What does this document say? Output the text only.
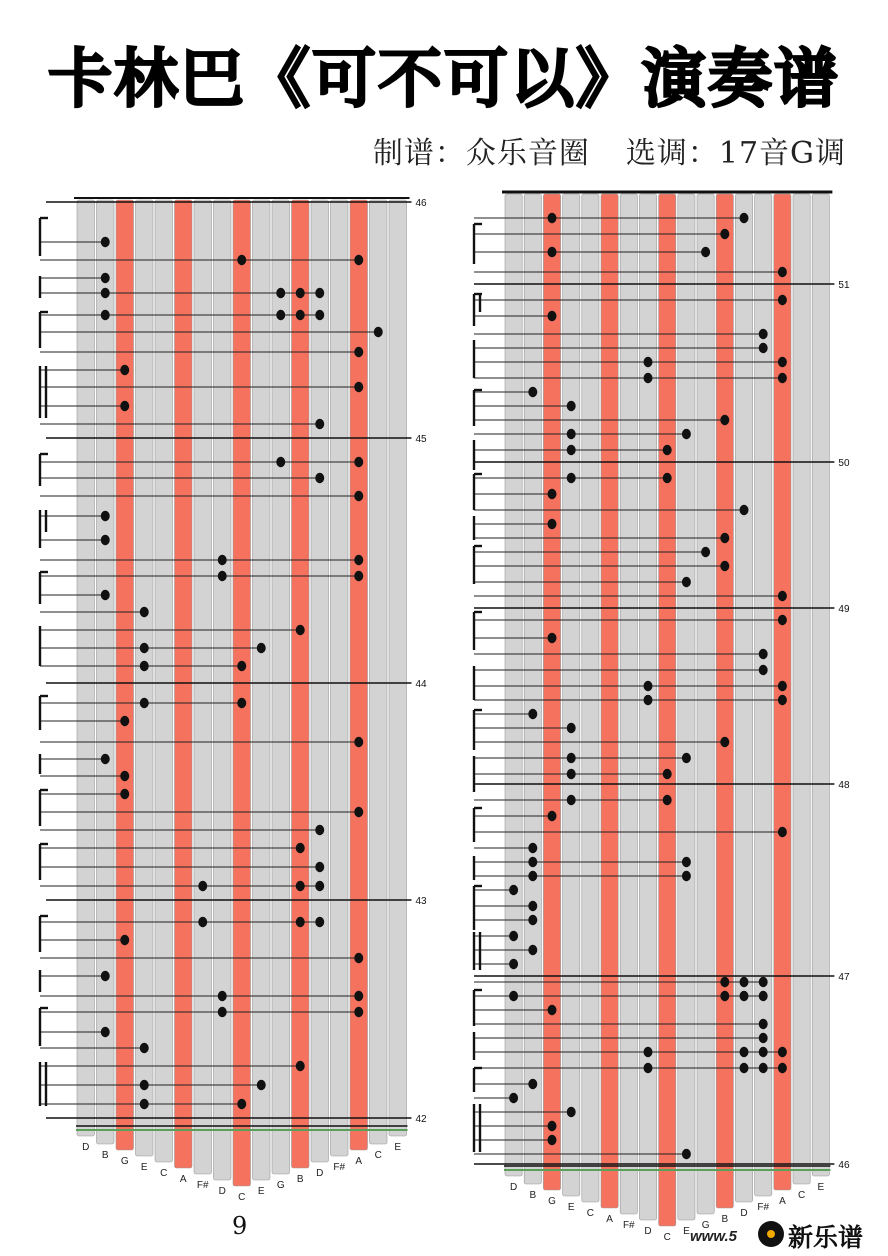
卡林巴《可不可以》演奏谱
制谱：众乐音圈 选调：17音G调
D
B
G
E
C
A
F#
D
C
E
G
B
D
F#
A
C
E
46
45
44
43
42
D
B
G
E
C
A
F#
D
C
E
G
B
D
F#
A
C
E
51
50
49
48
47
46
9	www.5 新乐谱
